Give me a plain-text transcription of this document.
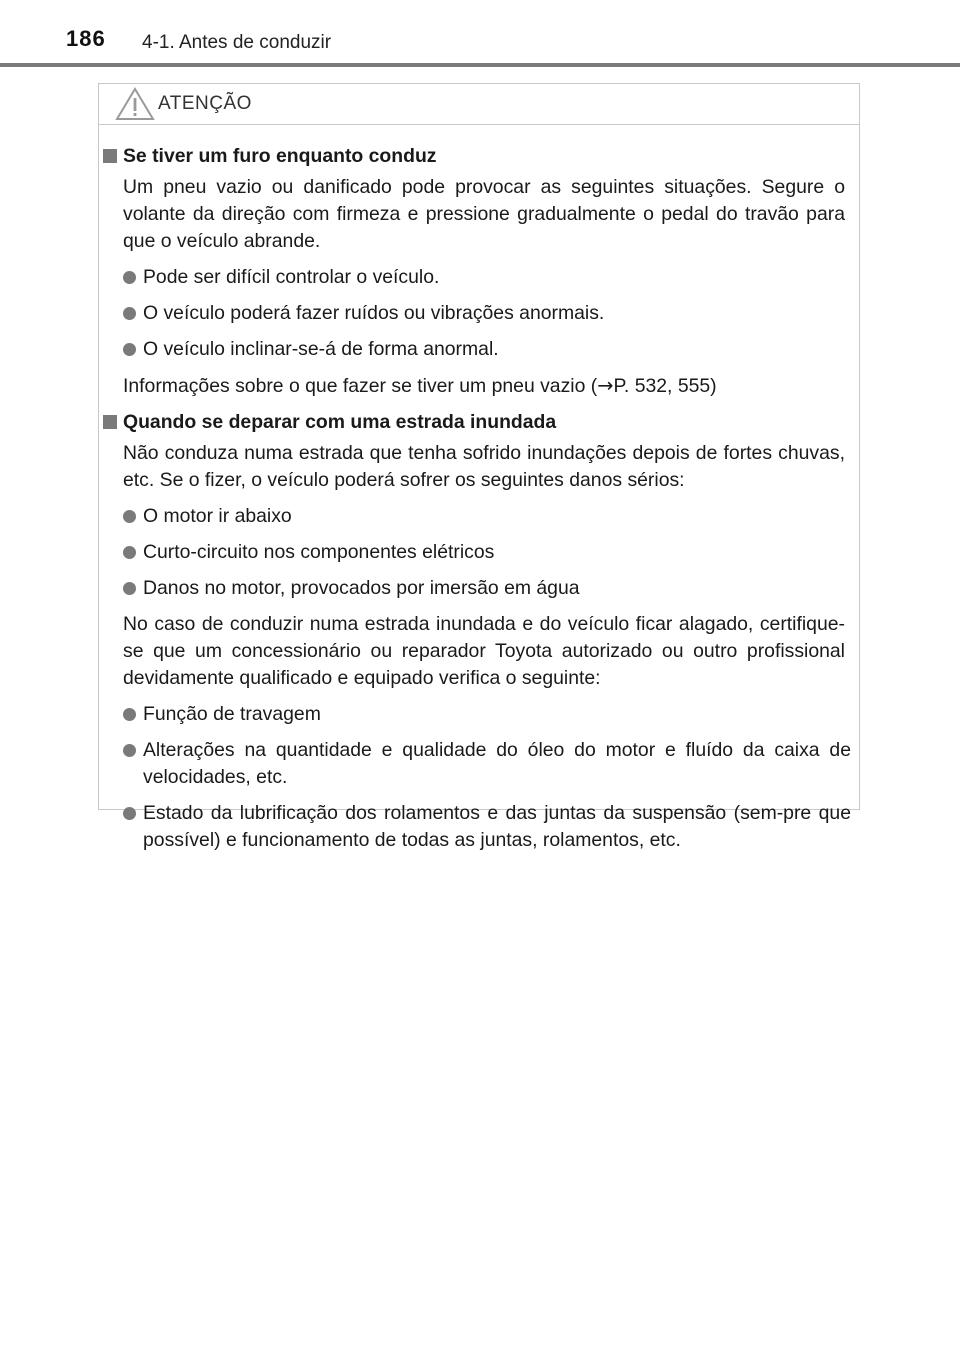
186 4-1. Antes de conduzir
ATENÇÃO
Se tiver um furo enquanto conduz
Um pneu vazio ou danificado pode provocar as seguintes situações. Segure o volante da direção com firmeza e pressione gradualmente o pedal do travão para que o veículo abrande.
Pode ser difícil controlar o veículo.
O veículo poderá fazer ruídos ou vibrações anormais.
O veículo inclinar-se-á de forma anormal.
Informações sobre o que fazer se tiver um pneu vazio (→P. 532, 555)
Quando se deparar com uma estrada inundada
Não conduza numa estrada que tenha sofrido inundações depois de fortes chuvas, etc. Se o fizer, o veículo poderá sofrer os seguintes danos sérios:
O motor ir abaixo
Curto-circuito nos componentes elétricos
Danos no motor, provocados por imersão em água
No caso de conduzir numa estrada inundada e do veículo ficar alagado, certifique-se que um concessionário ou reparador Toyota autorizado ou outro profissional devidamente qualificado e equipado verifica o seguinte:
Função de travagem
Alterações na quantidade e qualidade do óleo do motor e fluído da caixa de velocidades, etc.
Estado da lubrificação dos rolamentos e das juntas da suspensão (sem-pre que possível) e funcionamento de todas as juntas, rolamentos, etc.
